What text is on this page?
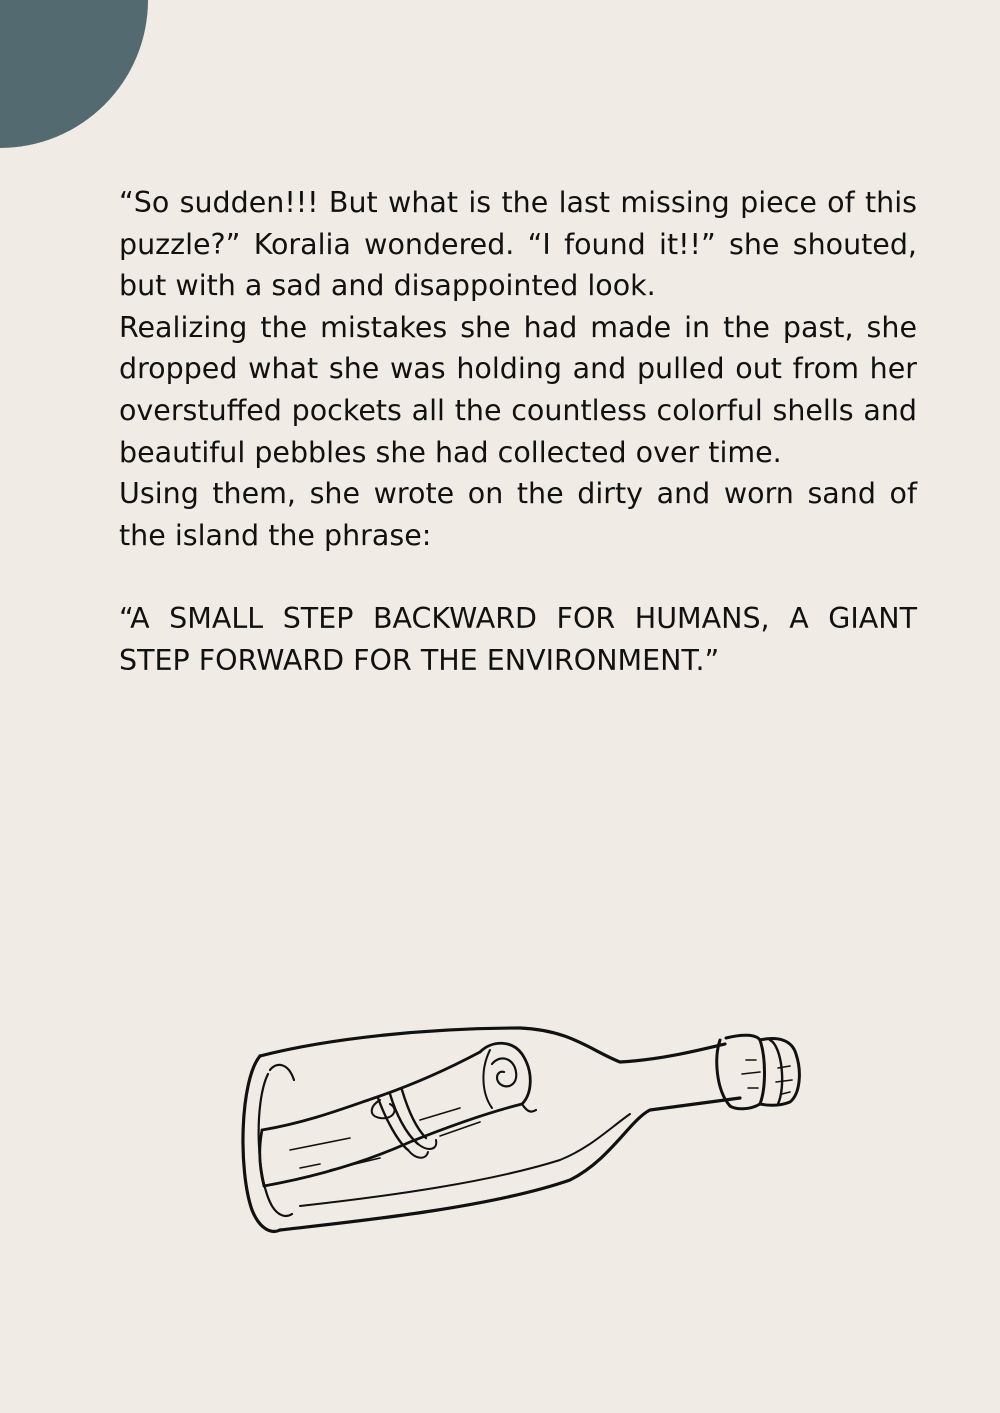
“So sudden!!! But what is the last missing piece of this puzzle?” Koralia wondered. “I found it!!” she shouted, but with a sad and disappointed look.

Realizing the mistakes she had made in the past, she dropped what she was holding and pulled out from her overstuffed pockets all the countless colorful shells and beautiful pebbles she had collected over time.

Using them, she wrote on the dirty and worn sand of the island the phrase:

“A SMALL STEP BACKWARD FOR HUMANS, A GIANT STEP FORWARD FOR THE ENVIRONMENT.”
